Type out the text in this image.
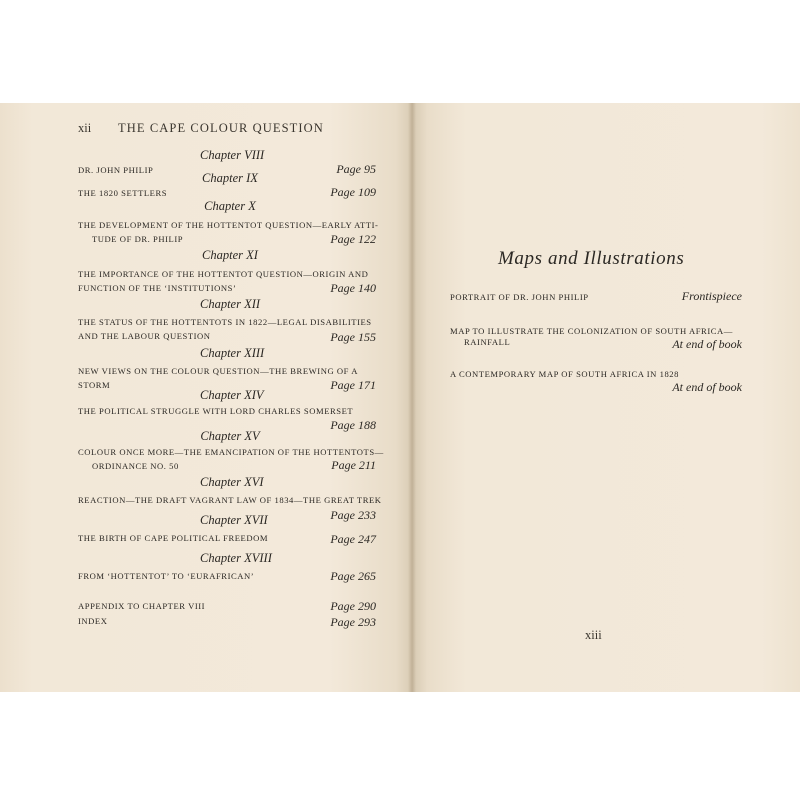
xii THE CAPE COLOUR QUESTION
Chapter VIII
DR. JOHN PHILIP	Page 95
Chapter IX
THE 1820 SETTLERS	Page 109
Chapter X
THE DEVELOPMENT OF THE HOTTENTOT QUESTION—EARLY ATTI-
TUDE OF DR. PHILIP	Page 122
Chapter XI
THE IMPORTANCE OF THE HOTTENTOT QUESTION—ORIGIN AND
FUNCTION OF THE ‘INSTITUTIONS’	Page 140
Chapter XII
THE STATUS OF THE HOTTENTOTS IN 1822—LEGAL DISABILITIES
AND THE LABOUR QUESTION	Page 155
Chapter XIII
NEW VIEWS ON THE COLOUR QUESTION—THE BREWING OF A
STORM	Page 171
Chapter XIV
THE POLITICAL STRUGGLE WITH LORD CHARLES SOMERSET
Page 188
Chapter XV
COLOUR ONCE MORE—THE EMANCIPATION OF THE HOTTENTOTS—
ORDINANCE NO. 50	Page 211
Chapter XVI
REACTION—THE DRAFT VAGRANT LAW OF 1834—THE GREAT TREK
Page 233
Chapter XVII
THE BIRTH OF CAPE POLITICAL FREEDOM	Page 247
Chapter XVIII
FROM ‘HOTTENTOT’ TO ‘EURAFRICAN’	Page 265
APPENDIX TO CHAPTER VIII	Page 290
INDEX	Page 293
Maps and Illustrations
PORTRAIT OF DR. JOHN PHILIP	Frontispiece
MAP TO ILLUSTRATE THE COLONIZATION OF SOUTH AFRICA—
RAINFALL	At end of book
A CONTEMPORARY MAP OF SOUTH AFRICA IN 1828
At end of book
xiii
